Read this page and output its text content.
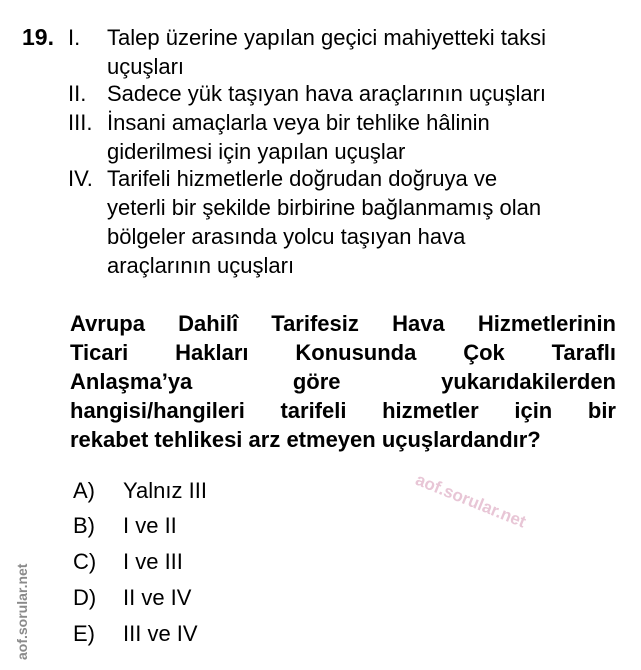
aof.sorular.net
aof.sorular.net
19. I. Talep üzerine yapılan geçici mahiyetteki taksi
uçuşları
II. Sadece yük taşıyan hava araçlarının uçuşları
III. İnsani amaçlarla veya bir tehlike hâlinin
giderilmesi için yapılan uçuşlar
IV. Tarifeli hizmetlerle doğrudan doğruya ve
yeterli bir şekilde birbirine bağlanmamış olan
bölgeler arasında yolcu taşıyan hava
araçlarının uçuşları
Avrupa Dahilî Tarifesiz Hava Hizmetlerinin
Ticari Hakları Konusunda Çok Taraflı
Anlaşma’ya göre yukarıdakilerden
hangisi/hangileri tarifeli hizmetler için bir
rekabet tehlikesi arz etmeyen uçuşlardandır?
A) Yalnız III
B) I ve II
C) I ve III
D) II ve IV
E) III ve IV
